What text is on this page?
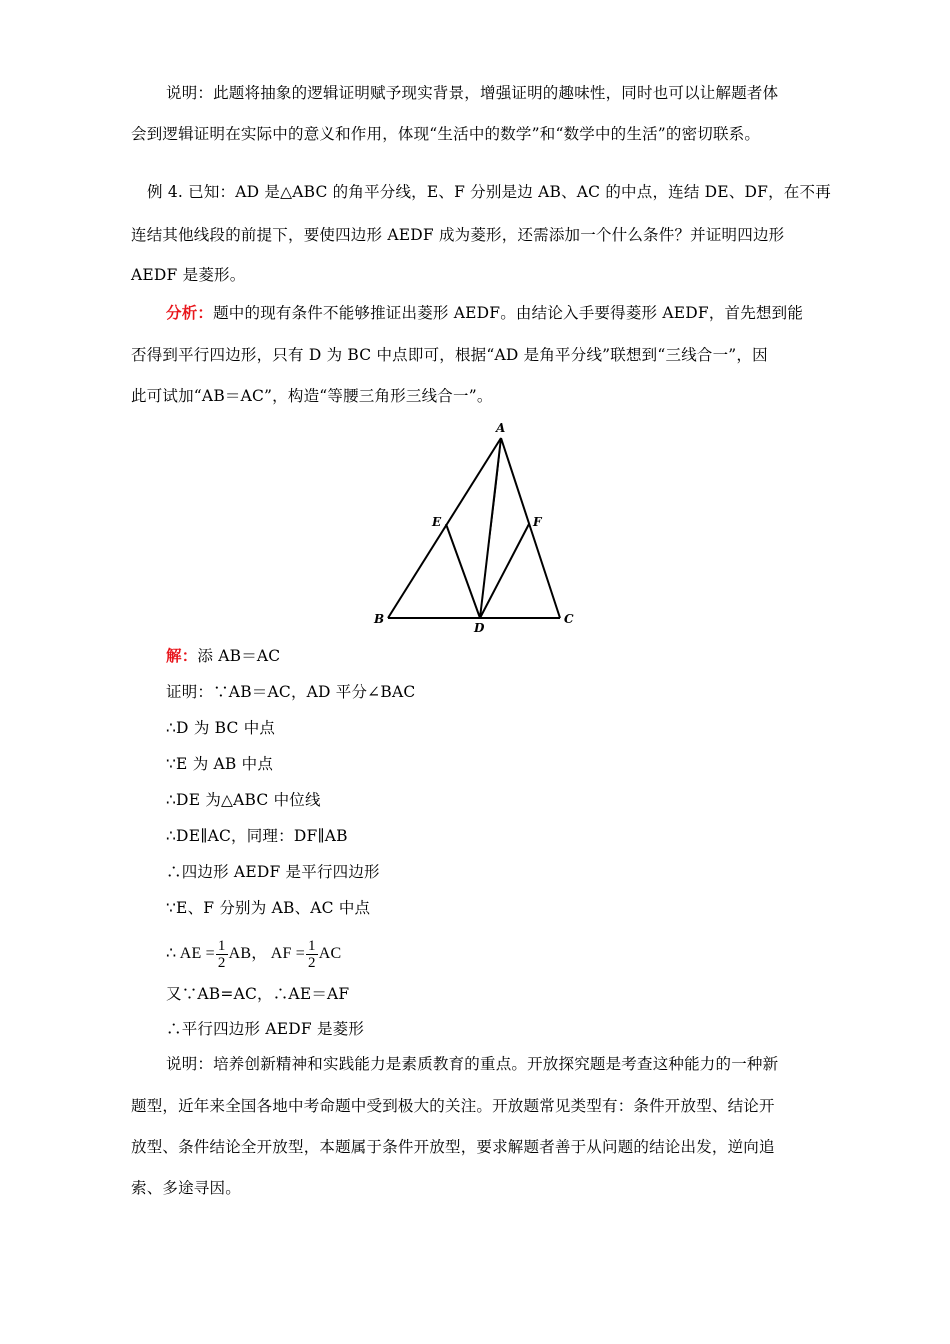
说明：此题将抽象的逻辑证明赋予现实背景，增强证明的趣味性，同时也可以让解题者体
会到逻辑证明在实际中的意义和作用，体现“生活中的数学”和“数学中的生活”的密切联系。
例 4. 已知：AD 是△ABC 的角平分线，E、F 分别是边 AB、AC 的中点，连结 DE、DF，在不再
连结其他线段的前提下，要使四边形 AEDF 成为菱形，还需添加一个什么条件？并证明四边形
AEDF 是菱形。
分析：题中的现有条件不能够推证出菱形 AEDF。由结论入手要得菱形 AEDF，首先想到能
否得到平行四边形，只有 D 为 BC 中点即可，根据“AD 是角平分线”联想到“三线合一”，因
此可试加“AB＝AC”，构造“等腰三角形三线合一”。
A
E	F
B
D
C
解：添 AB＝AC
证明：∵AB＝AC，AD 平分∠BAC
∴D 为 BC 中点
∵E 为 AB 中点
∴DE 为△ABC 中位线
∴DE∥AC，同理：DF∥AB
∴四边形 AEDF 是平行四边形
∵E、F 分别为 AB、AC 中点
∴ AE = $\frac{1}{2}$ AB， AF = $\frac{1}{2}$ AC
又∵AB=AC，∴AE＝AF
∴平行四边形 AEDF 是菱形
说明：培养创新精神和实践能力是素质教育的重点。开放探究题是考查这种能力的一种新
题型，近年来全国各地中考命题中受到极大的关注。开放题常见类型有：条件开放型、结论开
放型、条件结论全开放型，本题属于条件开放型，要求解题者善于从问题的结论出发，逆向追
索、多途寻因。
